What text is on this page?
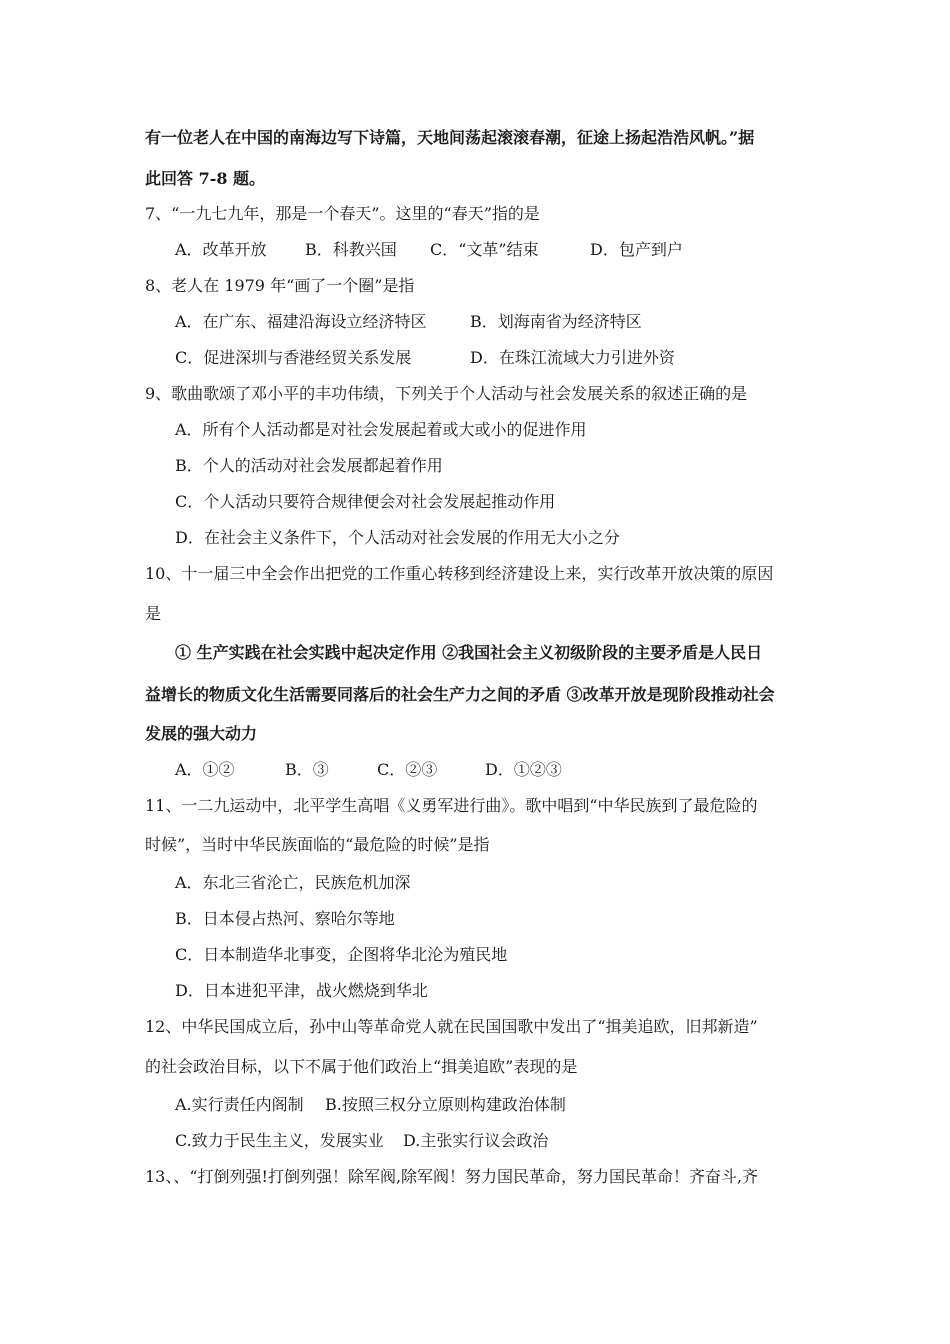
有一位老人在中国的南海边写下诗篇，天地间荡起滚滚春潮，征途上扬起浩浩风帆。”据
此回答 7-8 题。
7、“一九七九年，那是一个春天”。这里的“春天”指的是
A．改革开放 B．科教兴国 C．“文革”结束	D．包产到户
8、老人在 1979 年“画了一个圈”是指
A．在广东、福建沿海设立经济特区	B．划海南省为经济特区
C．促进深圳与香港经贸关系发展	D．在珠江流域大力引进外资
9、歌曲歌颂了邓小平的丰功伟绩，下列关于个人活动与社会发展关系的叙述正确的是
A．所有个人活动都是对社会发展起着或大或小的促进作用
B．个人的活动对社会发展都起着作用
C．个人活动只要符合规律便会对社会发展起推动作用
D．在社会主义条件下，个人活动对社会发展的作用无大小之分
10、十一届三中全会作出把党的工作重心转移到经济建设上来，实行改革开放决策的原因
是
① 生产实践在社会实践中起决定作用 ②我国社会主义初级阶段的主要矛盾是人民日
益增长的物质文化生活需要同落后的社会生产力之间的矛盾 ③改革开放是现阶段推动社会
发展的强大动力
A．①②	B．③	C．②③	D．①②③
11、一二九运动中，北平学生高唱《义勇军进行曲》。歌中唱到“中华民族到了最危险的
时候”，当时中华民族面临的“最危险的时候”是指
A．东北三省沦亡，民族危机加深
B．日本侵占热河、察哈尔等地
C．日本制造华北事变，企图将华北沦为殖民地
D．日本进犯平津，战火燃烧到华北
12、中华民国成立后，孙中山等革命党人就在民国国歌中发出了“揖美追欧，旧邦新造”
的社会政治目标，以下不属于他们政治上“揖美追欧”表现的是
A.实行责任内阁制 B.按照三权分立原则构建政治体制
C.致力于民生主义，发展实业 D.主张实行议会政治
13、、“打倒列强!打倒列强！除军阀,除军阀！努力国民革命，努力国民革命！齐奋斗,齐
